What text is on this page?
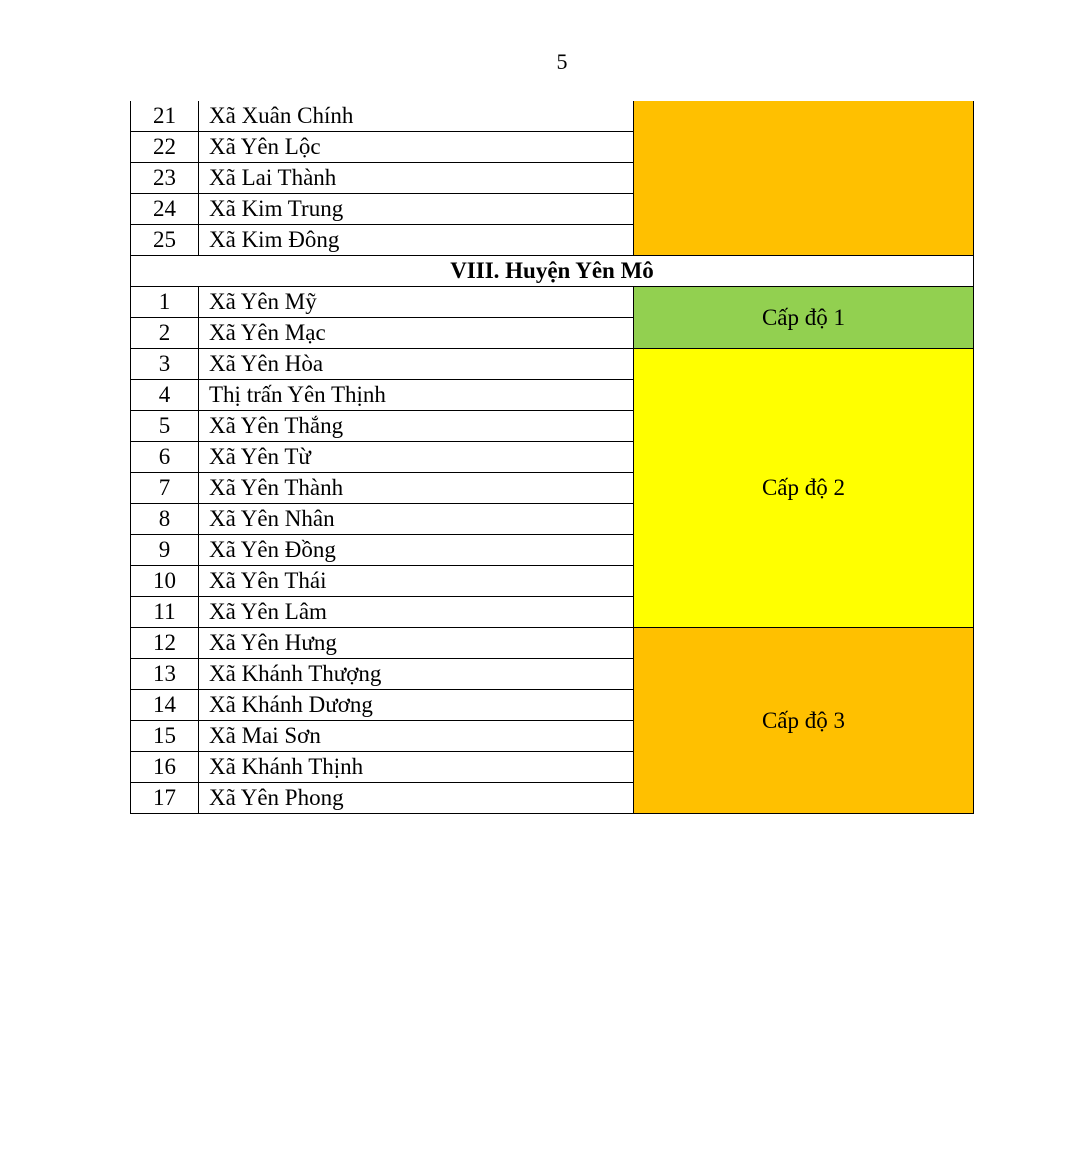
5
21	Xã Xuân Chính	
22	Xã Yên Lộc	
23	Xã Lai Thành	
24	Xã Kim Trung	
25	Xã Kim Đông	
VIII. Huyện Yên Mô		
1	Xã Yên Mỹ	Cấp độ 1
2	Xã Yên Mạc	
3	Xã Yên Hòa	Cấp độ 2
4	Thị trấn Yên Thịnh	
5	Xã Yên Thắng	
6	Xã Yên Từ	
7	Xã Yên Thành	
8	Xã Yên Nhân	
9	Xã Yên Đồng	
10	Xã Yên Thái	
11	Xã Yên Lâm	
12	Xã Yên Hưng	Cấp độ 3
13	Xã Khánh Thượng	
14	Xã Khánh Dương	
15	Xã Mai Sơn	
16	Xã Khánh Thịnh	
17	Xã Yên Phong	
